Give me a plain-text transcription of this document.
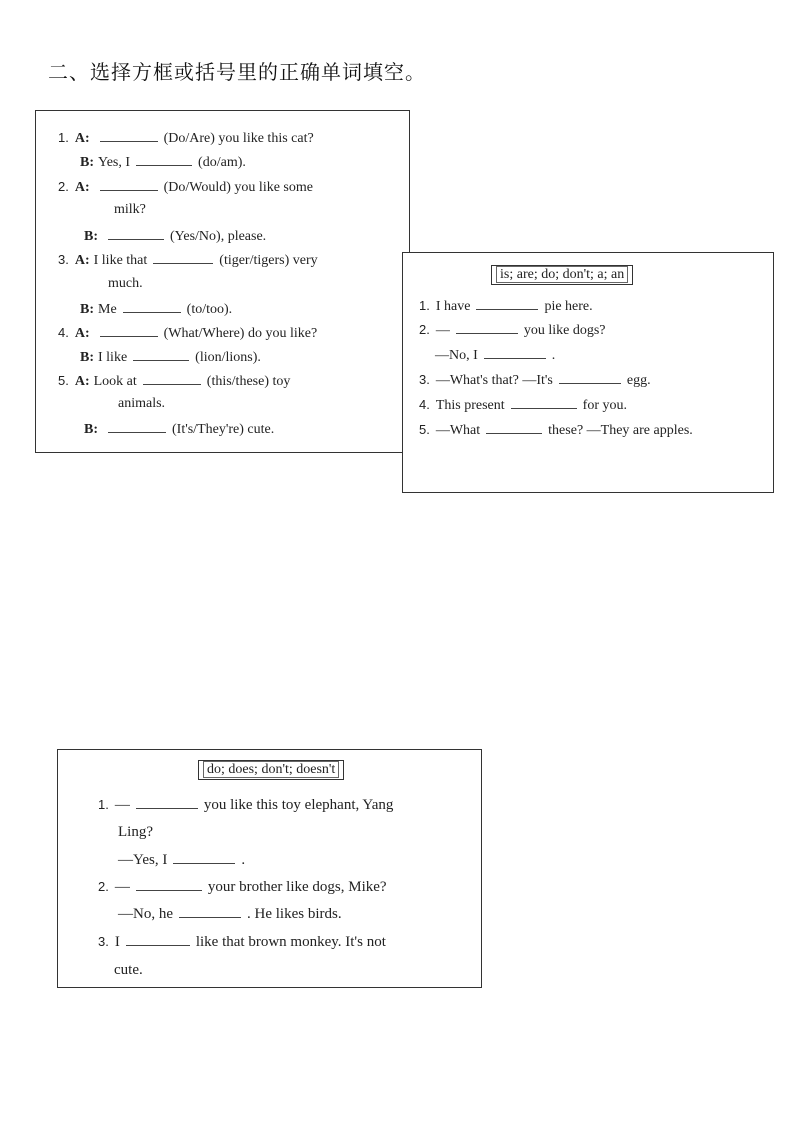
二、选择方框或括号里的正确单词填空。
1. A:	(Do/Are) you like this cat?
B: Yes, I	(do/am).
2. A:	(Do/Would) you like some
milk?
B:	(Yes/No), please.
3. A: I like that	(tiger/tigers) very
much.
B: Me	(to/too).
4. A:	(What/Where) do you like?
B: I like	(lion/lions).
5. A: Look at	(this/these) toy
animals.
B:	(It's/They're) cute.
is; are; do; don't; a; an
1. I have	pie here.
2. —	you like dogs?
—No, I	.
3. —What's that? —It's	egg.
4. This present	for you.
5. —What	these? —They are apples.
do; does; don't; doesn't
1. —	you like this toy elephant, Yang
Ling?
—Yes, I	.
2. —	your brother like dogs, Mike?
—No, he	. He likes birds.
3. I	like that brown monkey. It's not
cute.
